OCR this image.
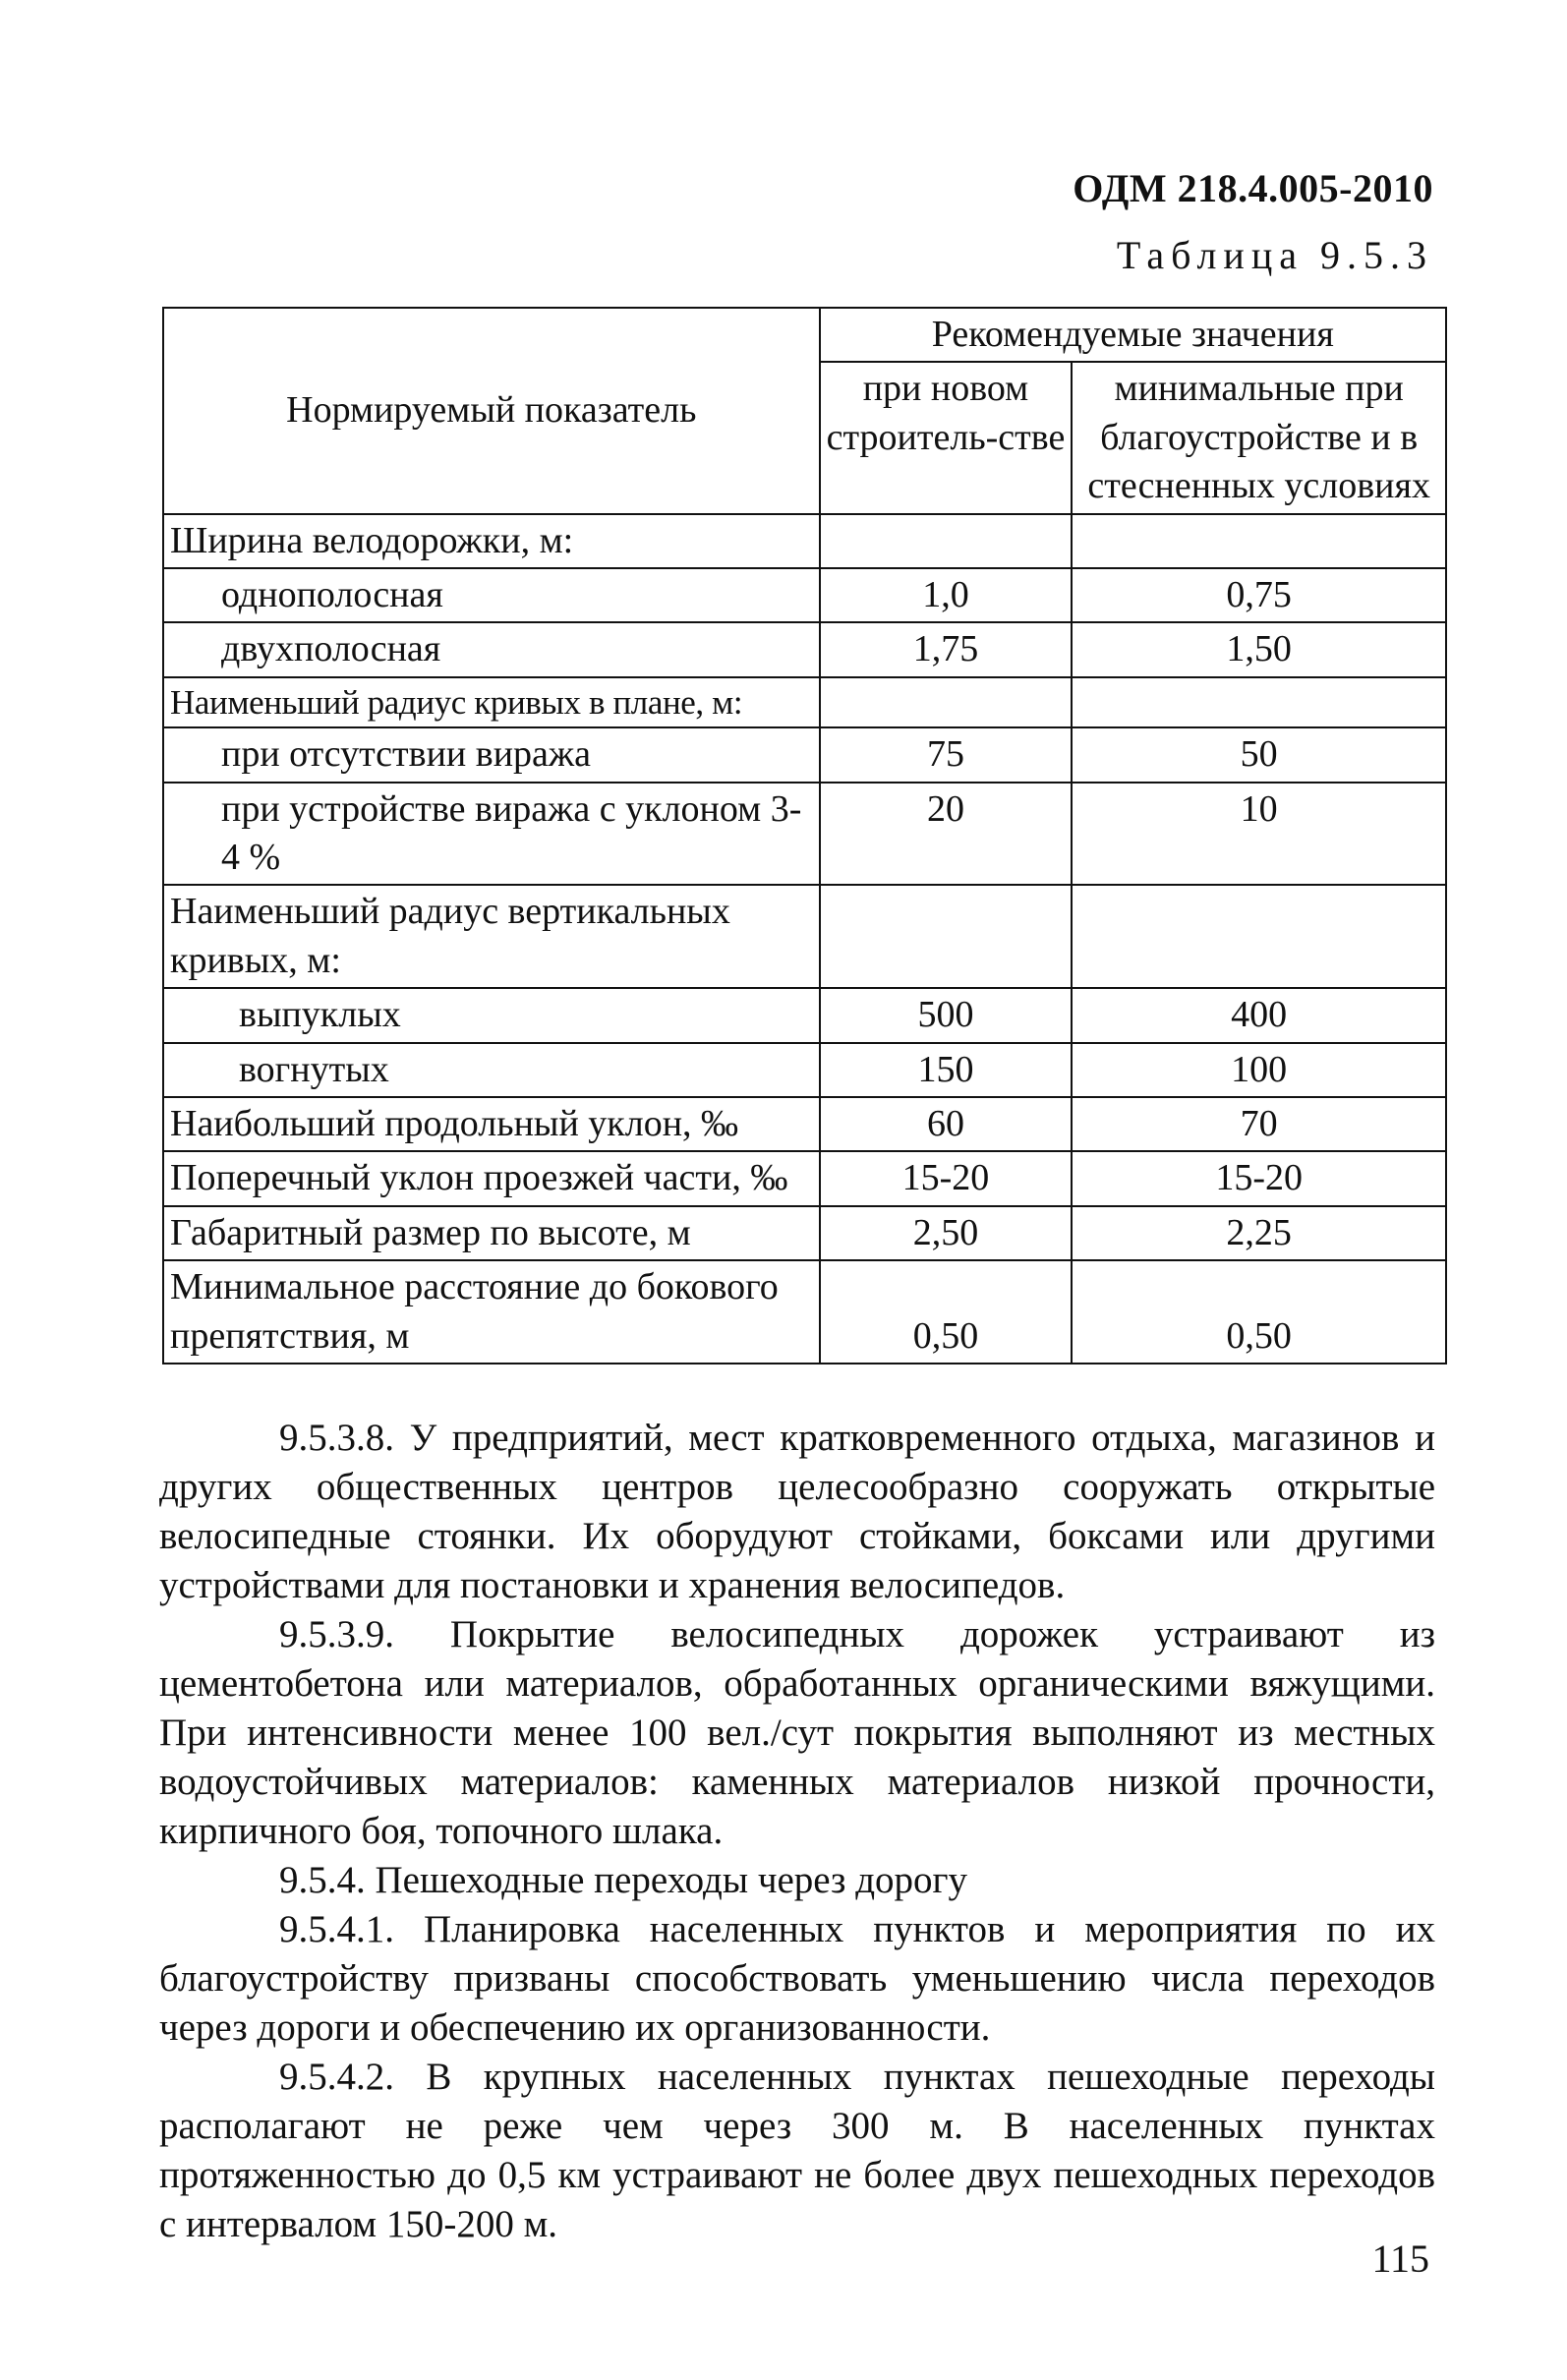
ОДМ 218.4.005-2010
Таблица 9.5.3
Нормируемый показатель	Рекомендуемые значения	
	при новом строитель-стве	минимальные при благоустройстве и в стесненных условиях
Ширина велодорожки, м:		
однополосная	1,0	0,75
двухполосная	1,75	1,50
Наименьший радиус кривых в плане, м:		
при отсутствии виража	75	50
при устройстве виража с уклоном 3-4 %	20	10
Наименьший радиус вертикальных кривых, м:		
выпуклых	500	400
вогнутых	150	100
Наибольший продольный уклон, ‰	60	70
Поперечный уклон проезжей части, ‰	15-20	15-20
Габаритный размер по высоте, м	2,50	2,25
Минимальное расстояние до бокового препятствия, м	0,50	0,50

9.5.3.8. У предприятий, мест кратковременного отдыха, магазинов и других общественных центров целесообразно сооружать открытые велосипедные стоянки. Их оборудуют стойками, боксами или другими устройствами для постановки и хранения велосипедов.

9.5.3.9. Покрытие велосипедных дорожек устраивают из цементобетона или материалов, обработанных органическими вяжущими. При интенсивности менее 100 вел./сут покрытия выполняют из местных водоустойчивых материалов: каменных материалов низкой прочности, кирпичного боя, топочного шлака.

9.5.4. Пешеходные переходы через дорогу

9.5.4.1. Планировка населенных пунктов и мероприятия по их благоустройству призваны способствовать уменьшению числа переходов через дороги и обеспечению их организованности.

9.5.4.2. В крупных населенных пунктах пешеходные переходы располагают не реже чем через 300 м. В населенных пунктах протяженностью до 0,5 км устраивают не более двух пешеходных переходов с интервалом 150-200 м.

115
